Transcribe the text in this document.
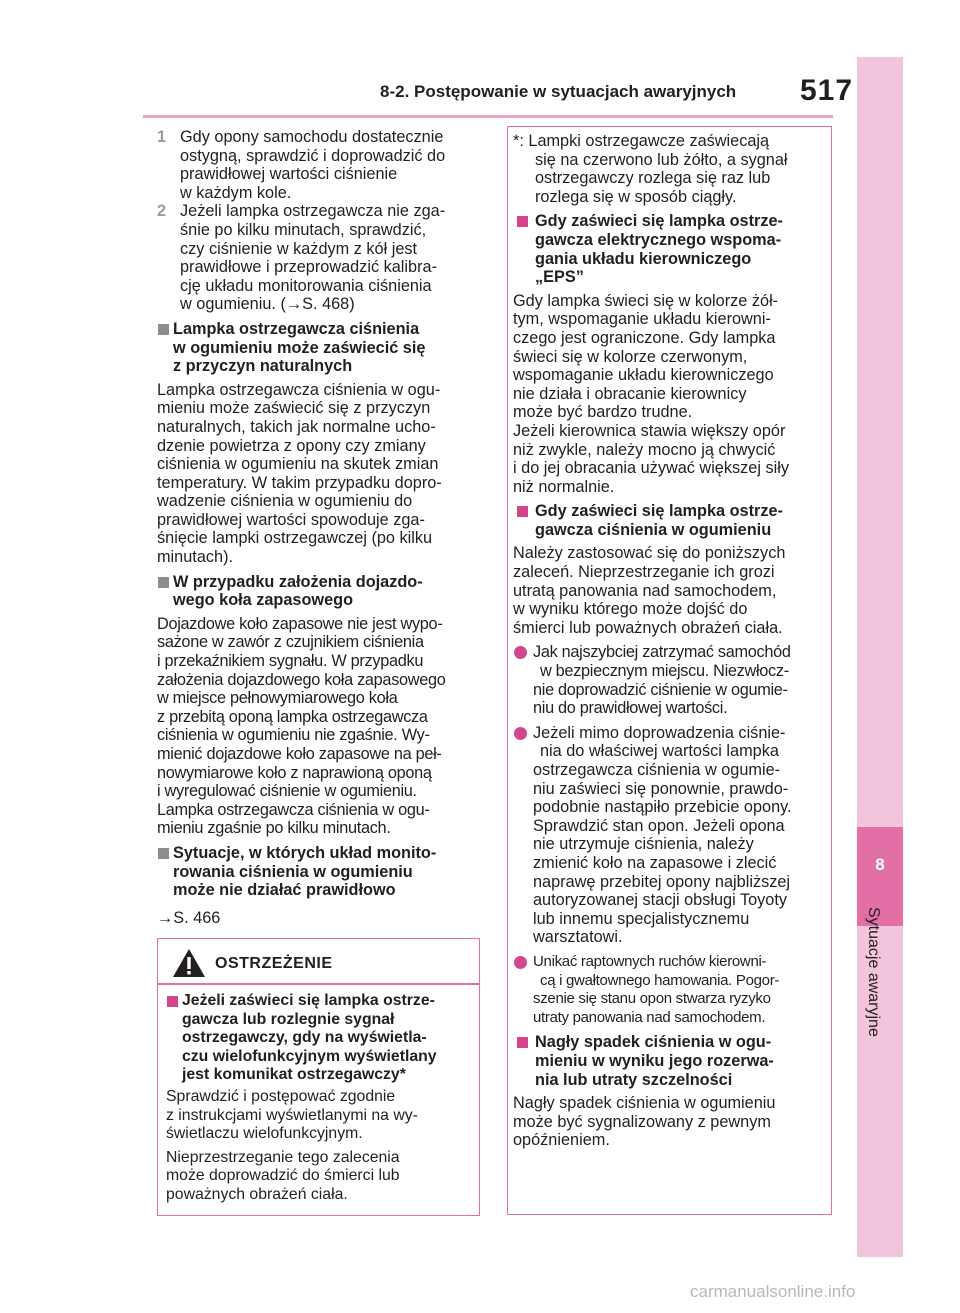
8-2. Postępowanie w sytuacjach awaryjnych 517
8
Sytuacje awaryjne
1 Gdy opony samochodu dostatecznie

ostygną, sprawdzić i doprowadzić do

prawidłowej wartości ciśnienie

w każdym kole.

2 Jeżeli lampka ostrzegawcza nie zga-

śnie po kilku minutach, sprawdzić,

czy ciśnienie w każdym z kół jest

prawidłowe i przeprowadzić kalibra-

cję układu monitorowania ciśnienia

w ogumieniu. (→S. 468)

Lampka ostrzegawcza ciśnienia

w ogumieniu może zaświecić się

z przyczyn naturalnych

Lampka ostrzegawcza ciśnienia w ogu-

mieniu może zaświecić się z przyczyn

naturalnych, takich jak normalne ucho-

dzenie powietrza z opony czy zmiany

ciśnienia w ogumieniu na skutek zmian

temperatury. W takim przypadku dopro-

wadzenie ciśnienia w ogumieniu do

prawidłowej wartości spowoduje zga-

śnięcie lampki ostrzegawczej (po kilku

minutach).

W przypadku założenia dojazdo-

wego koła zapasowego

Dojazdowe koło zapasowe nie jest wypo-

sażone w zawór z czujnikiem ciśnienia

i przekaźnikiem sygnału. W przypadku

założenia dojazdowego koła zapasowego

w miejsce pełnowymiarowego koła

z przebitą oponą lampka ostrzegawcza

ciśnienia w ogumieniu nie zgaśnie. Wy-

mienić dojazdowe koło zapasowe na peł-

nowymiarowe koło z naprawioną oponą

i wyregulować ciśnienie w ogumieniu.

Lampka ostrzegawcza ciśnienia w ogu-

mieniu zgaśnie po kilku minutach.

Sytuacje, w których układ monito-

rowania ciśnienia w ogumieniu

może nie działać prawidłowo

→S. 466
OSTRZEŻENIE

Jeżeli zaświeci się lampka ostrze-

gawcza lub rozlegnie sygnał

ostrzegawczy, gdy na wyświetla-

czu wielofunkcyjnym wyświetlany

jest komunikat ostrzegawczy*

Sprawdzić i postępować zgodnie

z instrukcjami wyświetlanymi na wy-

świetlaczu wielofunkcyjnym.

Nieprzestrzeganie tego zalecenia

może doprowadzić do śmierci lub

poważnych obrażeń ciała.

*: Lampki ostrzegawcze zaświecają

się na czerwono lub żółto, a sygnał

ostrzegawczy rozlega się raz lub

rozlega się w sposób ciągły.

Gdy zaświeci się lampka ostrze-

gawcza elektrycznego wspoma-

gania układu kierowniczego

„EPS”

Gdy lampka świeci się w kolorze żół-

tym, wspomaganie układu kierowni-

czego jest ograniczone. Gdy lampka

świeci się w kolorze czerwonym,

wspomaganie układu kierowniczego

nie działa i obracanie kierownicy

może być bardzo trudne.

Jeżeli kierownica stawia większy opór

niż zwykle, należy mocno ją chwycić

i do jej obracania używać większej siły

niż normalnie.

Gdy zaświeci się lampka ostrze-

gawcza ciśnienia w ogumieniu

Należy zastosować się do poniższych

zaleceń. Nieprzestrzeganie ich grozi

utratą panowania nad samochodem,

w wyniku którego może dojść do

śmierci lub poważnych obrażeń ciała.

Jak najszybciej zatrzymać samochód

w bezpiecznym miejscu. Niezwłocz-

nie doprowadzić ciśnienie w ogumie-

niu do prawidłowej wartości.

Jeżeli mimo doprowadzenia ciśnie-

nia do właściwej wartości lampka

ostrzegawcza ciśnienia w ogumie-

niu zaświeci się ponownie, prawdo-

podobnie nastąpiło przebicie opony.

Sprawdzić stan opon. Jeżeli opona

nie utrzymuje ciśnienia, należy

zmienić koło na zapasowe i zlecić

naprawę przebitej opony najbliższej

autoryzowanej stacji obsługi Toyoty

lub innemu specjalistycznemu

warsztatowi.

Unikać raptownych ruchów kierowni-

cą i gwałtownego hamowania. Pogor-

szenie się stanu opon stwarza ryzyko

utraty panowania nad samochodem.

Nagły spadek ciśnienia w ogu-

mieniu w wyniku jego rozerwa-

nia lub utraty szczelności

Nagły spadek ciśnienia w ogumieniu

może być sygnalizowany z pewnym

opóźnieniem.

carmanualsonline.info
